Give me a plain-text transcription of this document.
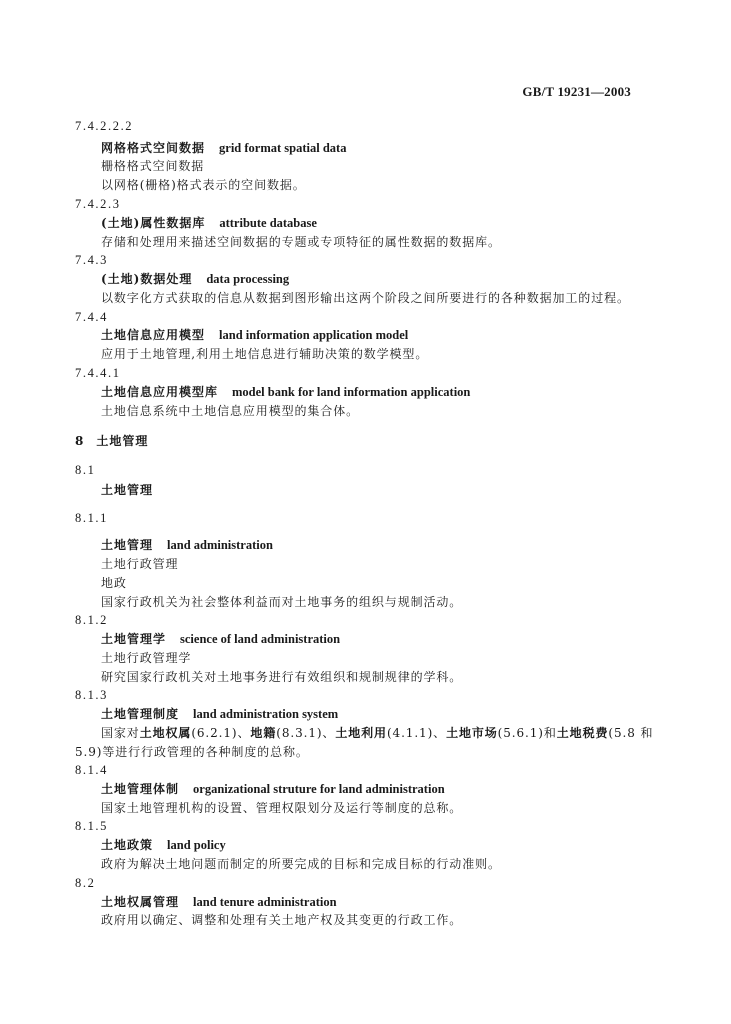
GB/T 19231—2003
7.4.2.2.2
网格格式空间数据 grid format spatial data
栅格格式空间数据
以网格(栅格)格式表示的空间数据。
7.4.2.3
(土地)属性数据库 attribute database
存储和处理用来描述空间数据的专题或专项特征的属性数据的数据库。
7.4.3
(土地)数据处理 data processing
以数字化方式获取的信息从数据到图形输出这两个阶段之间所要进行的各种数据加工的过程。
7.4.4
土地信息应用模型 land information application model
应用于土地管理,利用土地信息进行辅助决策的数学模型。
7.4.4.1
土地信息应用模型库 model bank for land information application
土地信息系统中土地信息应用模型的集合体。
8 土地管理
8.1
土地管理
8.1.1
土地管理 land administration
土地行政管理
地政
国家行政机关为社会整体利益而对土地事务的组织与规制活动。
8.1.2
土地管理学 science of land administration
土地行政管理学
研究国家行政机关对土地事务进行有效组织和规制规律的学科。
8.1.3
土地管理制度 land administration system
国家对土地权属(6.2.1)、地籍(8.3.1)、土地利用(4.1.1)、土地市场(5.6.1)和土地税费(5.8 和
5.9)等进行行政管理的各种制度的总称。
8.1.4
土地管理体制 organizational struture for land administration
国家土地管理机构的设置、管理权限划分及运行等制度的总称。
8.1.5
土地政策 land policy
政府为解决土地问题而制定的所要完成的目标和完成目标的行动准则。
8.2
土地权属管理 land tenure administration
政府用以确定、调整和处理有关土地产权及其变更的行政工作。
